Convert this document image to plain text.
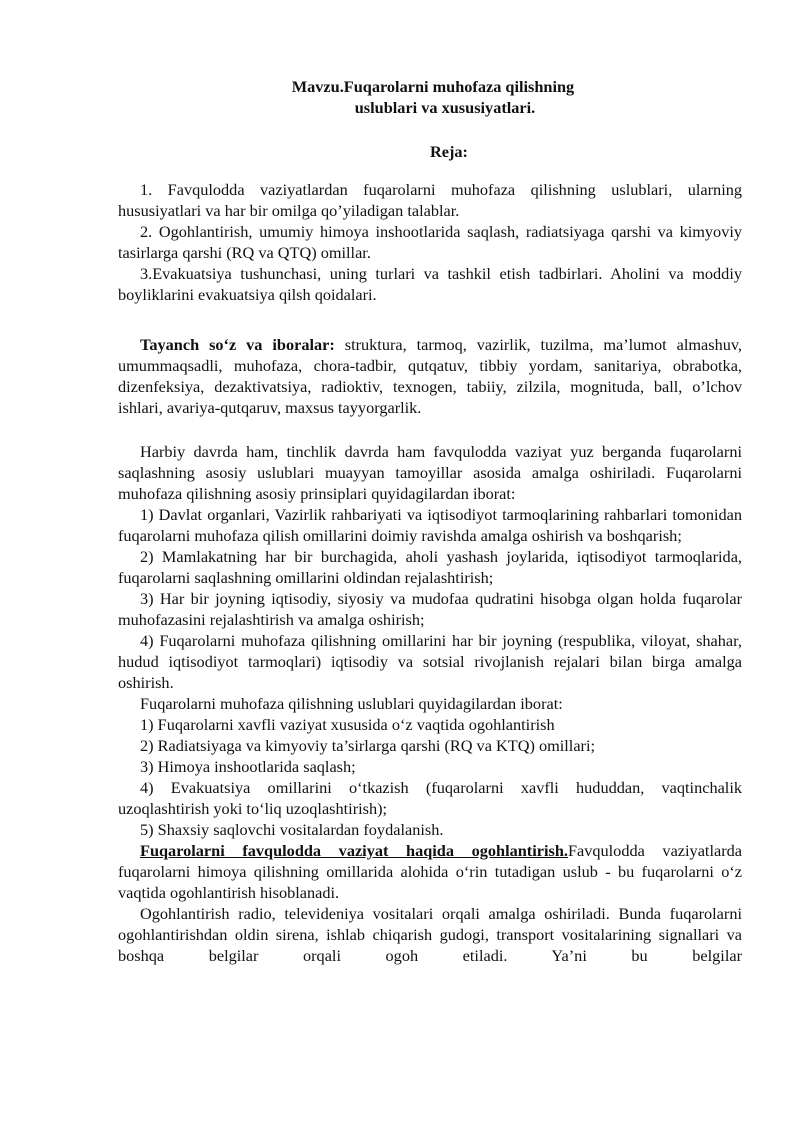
Mavzu.Fuqarolarni muhofaza qilishning
uslublari va xususiyatlari.
Reja:

1. Favqulodda vaziyatlardan fuqarolarni muhofaza qilishning uslublari, ularning hususiyatlari va har bir omilga qo’yiladigan talablar.

2. Ogohlantirish, umumiy himoya inshootlarida saqlash, radiatsiyaga qarshi va kimyoviy tasirlarga qarshi (RQ va QTQ) omillar.

3.Evakuatsiya tushunchasi, uning turlari va tashkil etish tadbirlari. Aholini va moddiy boyliklarini evakuatsiya qilsh qoidalari.

Tayanch so‘z va iboralar: struktura, tarmoq, vazirlik, tuzilma, ma’lumot almashuv, umummaqsadli, muhofaza, chora-tadbir, qutqatuv, tibbiy yordam, sanitariya, obrabotka, dizenfeksiya, dezaktivatsiya, radioktiv, texnogen, tabiiy, zilzila, mognituda, ball, o’lchov ishlari, avariya-qutqaruv, maxsus tayyorgarlik.

Harbiy davrda ham, tinchlik davrda ham favqulodda vaziyat yuz berganda fuqarolarni saqlashning asosiy uslublari muayyan tamoyillar asosida amalga oshiriladi. Fuqarolarni muhofaza qilishning asosiy prinsiplari quyidagilardan iborat:

1) Davlat organlari, Vazirlik rahbariyati va iqtisodiyot tarmoqlarining rahbarlari tomonidan fuqarolarni muhofaza qilish omillarini doimiy ravishda amalga oshirish va boshqarish;

2) Mamlakatning har bir burchagida, aholi yashash joylarida, iqtisodiyot tarmoqlarida, fuqarolarni saqlashning omillarini oldindan rejalashtirish;

3) Har bir joyning iqtisodiy, siyosiy va mudofaa qudratini hisobga olgan holda fuqarolar muhofazasini rejalashtirish va amalga oshirish;

4) Fuqarolarni muhofaza qilishning omillarini har bir joyning (respublika, viloyat, shahar, hudud iqtisodiyot tarmoqlari) iqtisodiy va sotsial rivojlanish rejalari bilan birga amalga oshirish.

Fuqarolarni muhofaza qilishning uslublari quyidagilardan iborat:

1) Fuqarolarni xavfli vaziyat xususida o‘z vaqtida ogohlantirish

2) Radiatsiyaga va kimyoviy ta’sirlarga qarshi (RQ va KTQ) omillari;

3) Himoya inshootlarida saqlash;

4) Evakuatsiya omillarini o‘tkazish (fuqarolarni xavfli hududdan, vaqtinchalik uzoqlashtirish yoki to‘liq uzoqlashtirish);

5) Shaxsiy saqlovchi vositalardan foydalanish.

Fuqarolarni favqulodda vaziyat haqida ogohlantirish.Favqulodda vaziyatlarda fuqarolarni himoya qilishning omillarida alohida o‘rin tutadigan uslub - bu fuqarolarni o‘z vaqtida ogohlantirish hisoblanadi.

Ogohlantirish radio, televideniya vositalari orqali amalga oshiriladi. Bunda fuqarolarni ogohlantirishdan oldin sirena, ishlab chiqarish gudogi, transport vositalarining signallari va boshqa belgilar orqali ogoh etiladi. Ya’ni bu belgilar
